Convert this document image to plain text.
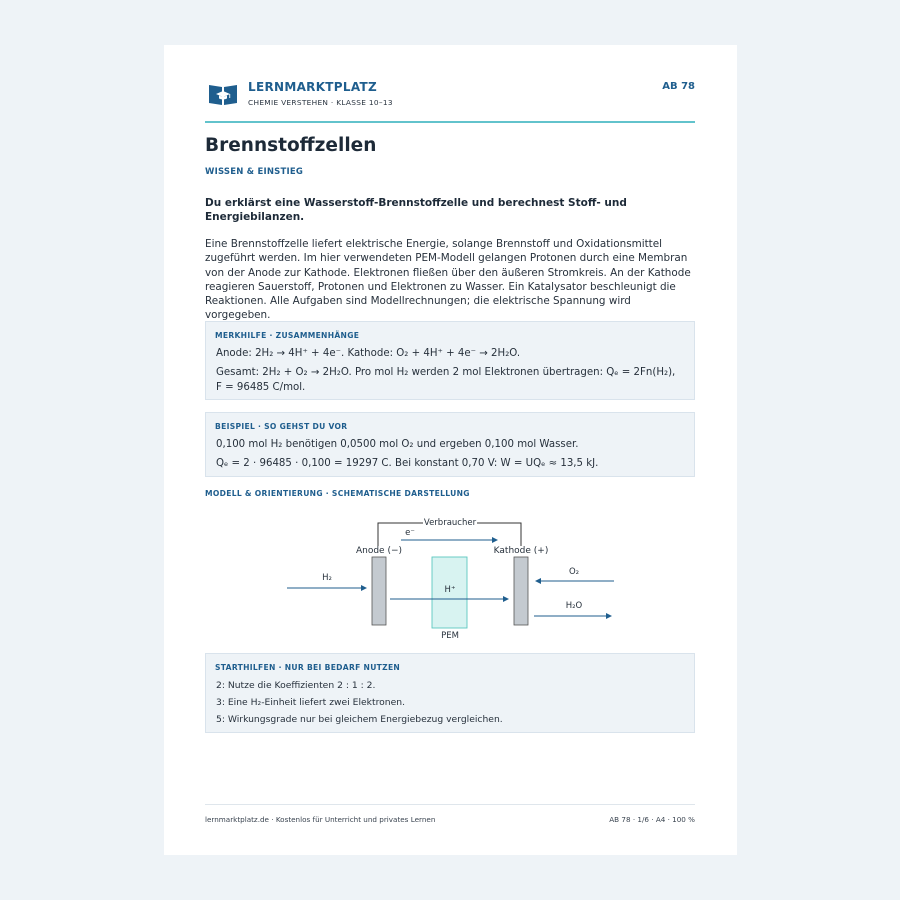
LERNMARKTPLATZ
CHEMIE VERSTEHEN · KLASSE 10–13
AB 78
Brennstoffzellen
WISSEN & EINSTIEG
Du erklärst eine Wasserstoff-Brennstoffzelle und berechnest Stoff- und Energiebilanzen.
Eine Brennstoffzelle liefert elektrische Energie, solange Brennstoff und Oxidationsmittel zugeführt werden. Im hier verwendeten PEM-Modell gelangen Protonen durch eine Membran von der Anode zur Kathode. Elektronen fließen über den äußeren Stromkreis. An der Kathode reagieren Sauerstoff, Protonen und Elektronen zu Wasser. Ein Katalysator beschleunigt die Reaktionen. Alle Aufgaben sind Modellrechnungen; die elektrische Spannung wird vorgegeben.
MERKHILFE · ZUSAMMENHÄNGE
Anode: 2H₂ → 4H⁺ + 4e⁻. Kathode: O₂ + 4H⁺ + 4e⁻ → 2H₂O.
Gesamt: 2H₂ + O₂ → 2H₂O. Pro mol H₂ werden 2 mol Elektronen übertragen: Qₑ = 2Fn(H₂), F = 96485 C/mol.
BEISPIEL · SO GEHST DU VOR
0,100 mol H₂ benötigen 0,0500 mol O₂ und ergeben 0,100 mol Wasser.
Qₑ = 2 · 96485 · 0,100 = 19297 C. Bei konstant 0,70 V: W = UQₑ ≈ 13,5 kJ.
MODELL & ORIENTIERUNG · SCHEMATISCHE DARSTELLUNG
Verbraucher
e⁻
Anode (−)	Kathode (+)
H⁺
PEM
H₂
O₂
H₂O
STARTHILFEN · NUR BEI BEDARF NUTZEN
2: Nutze die Koeffizienten 2 : 1 : 2.
3: Eine H₂-Einheit liefert zwei Elektronen.
5: Wirkungsgrade nur bei gleichem Energiebezug vergleichen.
lernmarktplatz.de · Kostenlos für Unterricht und privates Lernen	AB 78 · 1/6 · A4 · 100 %
